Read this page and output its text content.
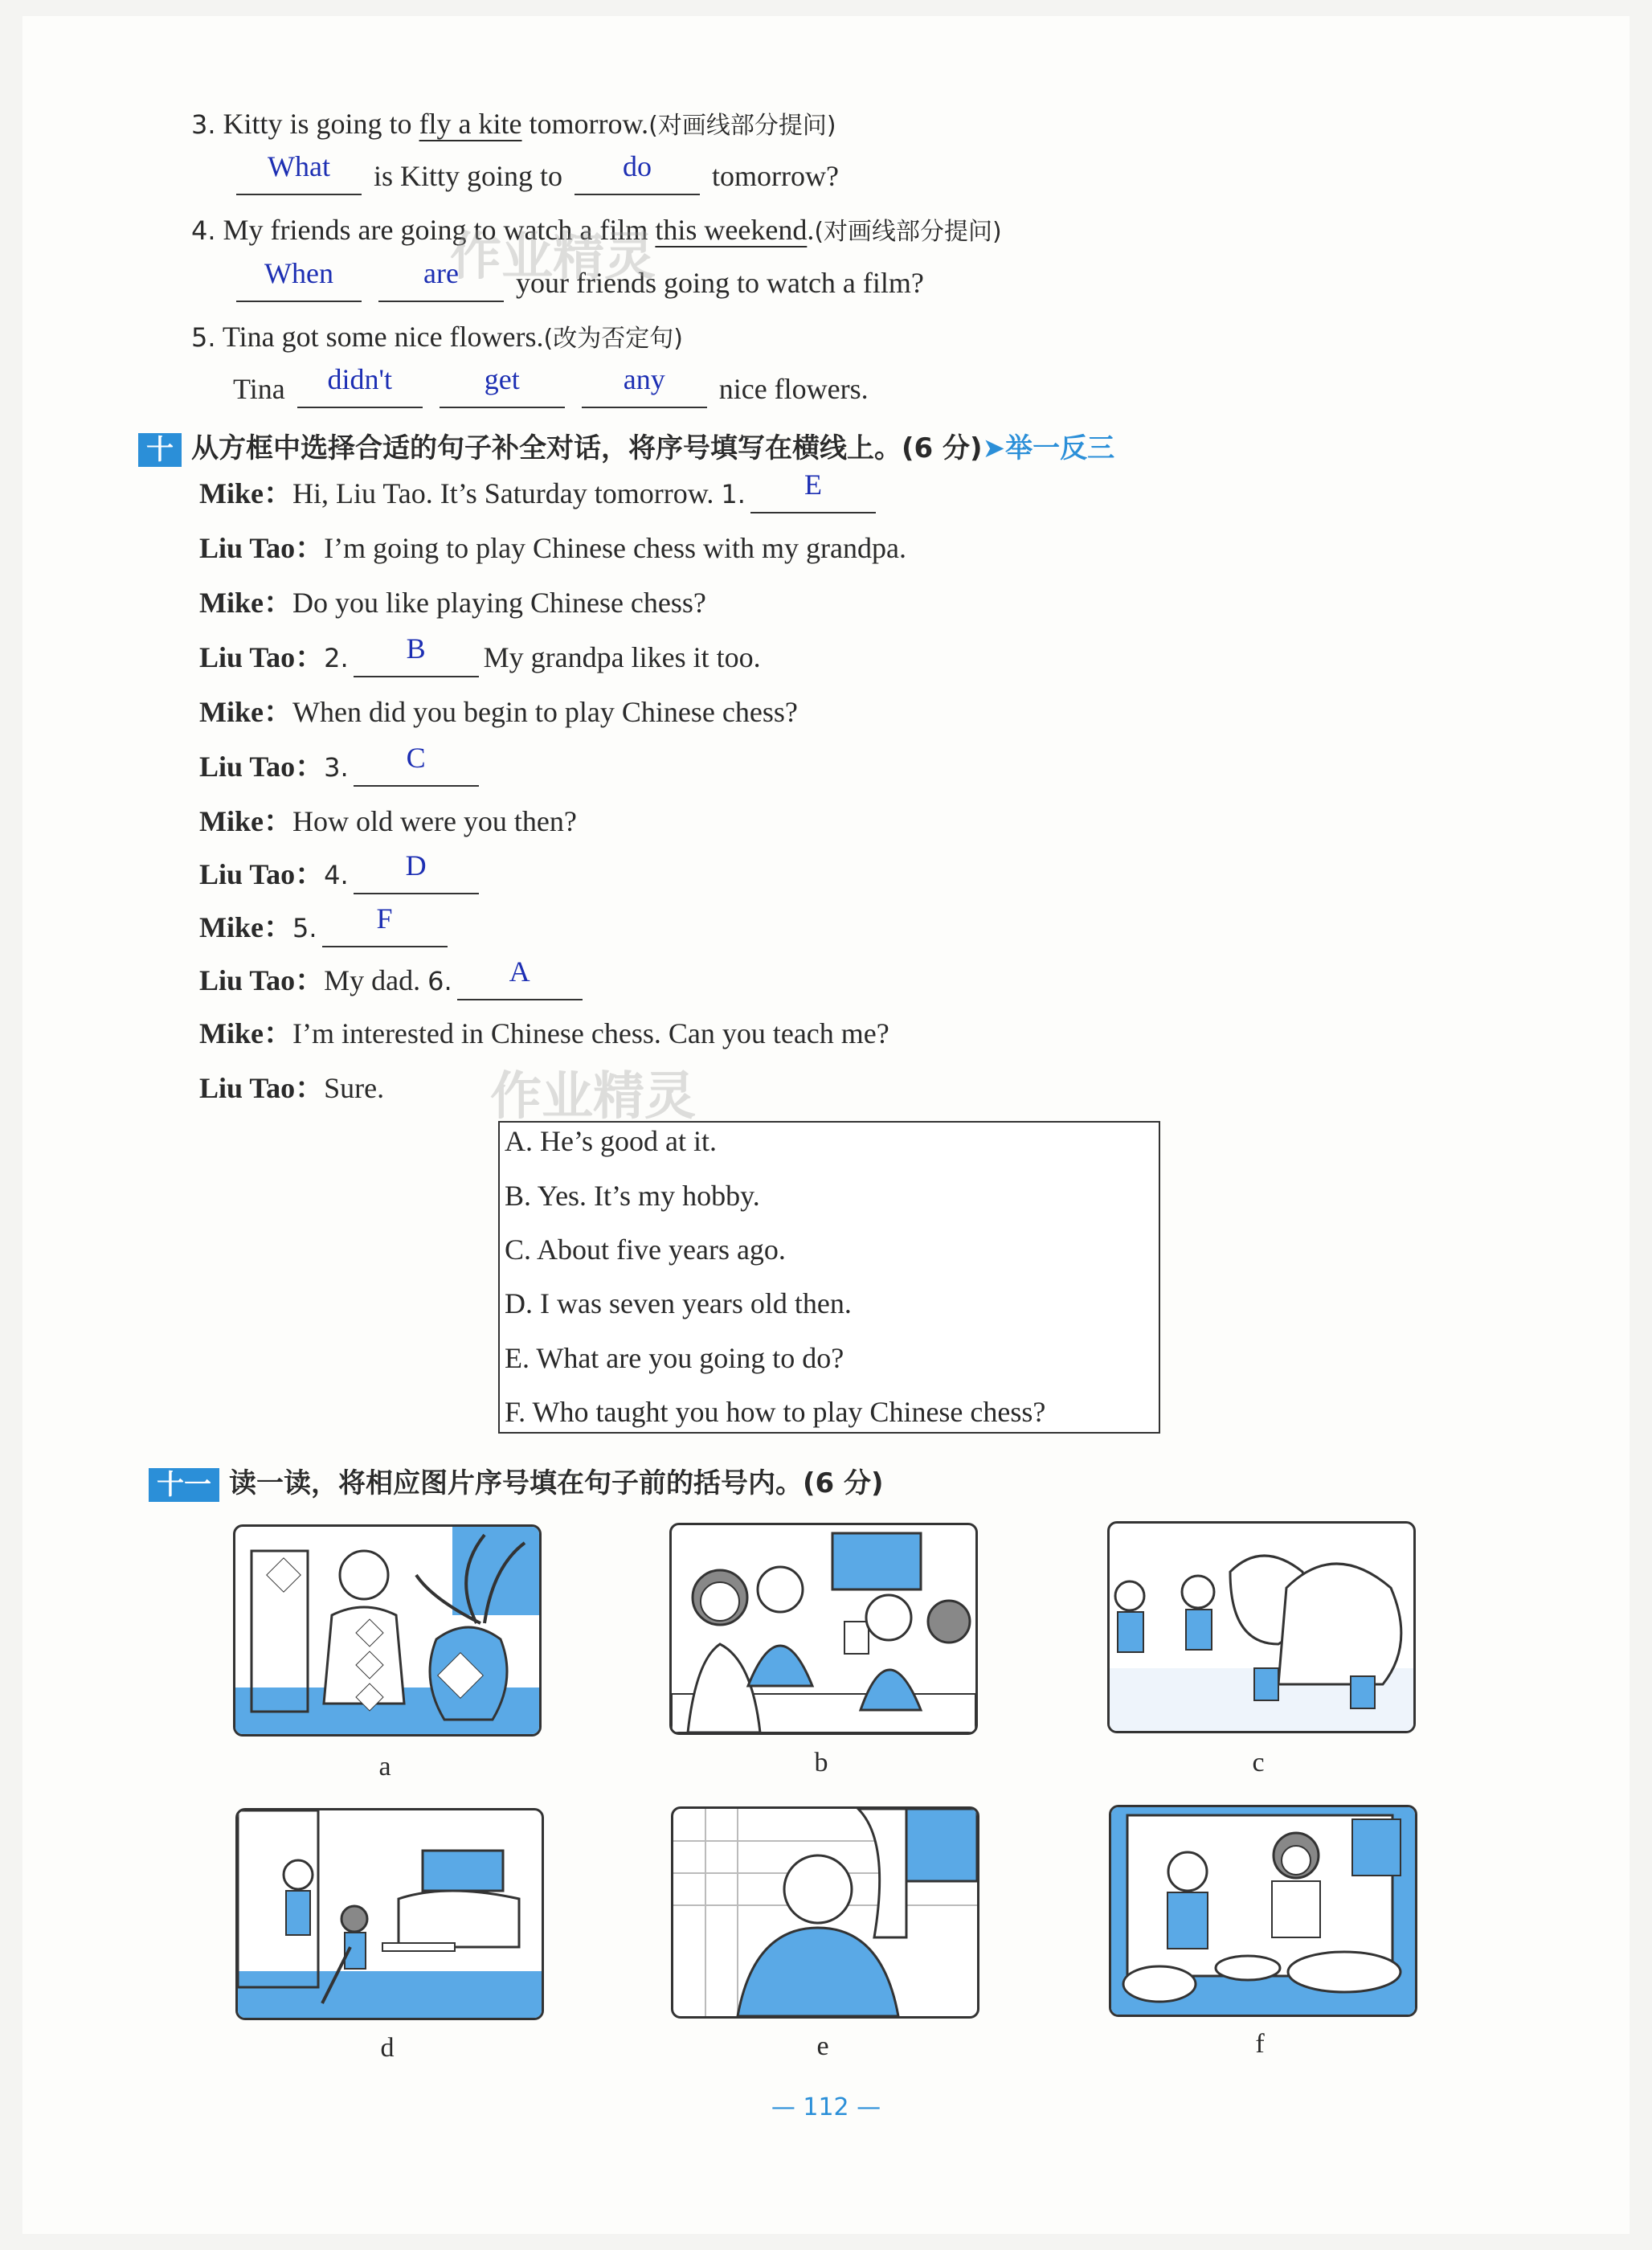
3. Kitty is going to fly a kite tomorrow.(对画线部分提问)
What	is Kitty going to	do	tomorrow?
4. My friends are going to watch a film this weekend.(对画线部分提问)
When
	are	your friends going to watch a film?
5. Tina got some nice flowers.(改为否定句)
Tina	didn't
	get
	any	nice flowers.
十 从方框中选择合适的句子补全对话，将序号填写在横线上。(6 分)➤举一反三
Mike：Hi, Liu Tao. It’s Saturday tomorrow. 1.	E
Liu Tao：I’m going to play Chinese chess with my grandpa.
Mike：Do you like playing Chinese chess?
Liu Tao：2.	B	My grandpa likes it too.
Mike：When did you begin to play Chinese chess?
Liu Tao：3.	C
Mike：How old were you then?
Liu Tao：4.	D
Mike：5.	F
Liu Tao：My dad. 6.	A
Mike：I’m interested in Chinese chess. Can you teach me?
Liu Tao：Sure.
A. He’s good at it.
B. Yes. It’s my hobby.
C. About five years ago.
D. I was seven years old then.
E. What are you going to do?
F. Who taught you how to play Chinese chess?
十一 读一读，将相应图片序号填在句子前的括号内。(6 分)
a	b	c
d	e	f
作业精灵
作业精灵
— 112 —
